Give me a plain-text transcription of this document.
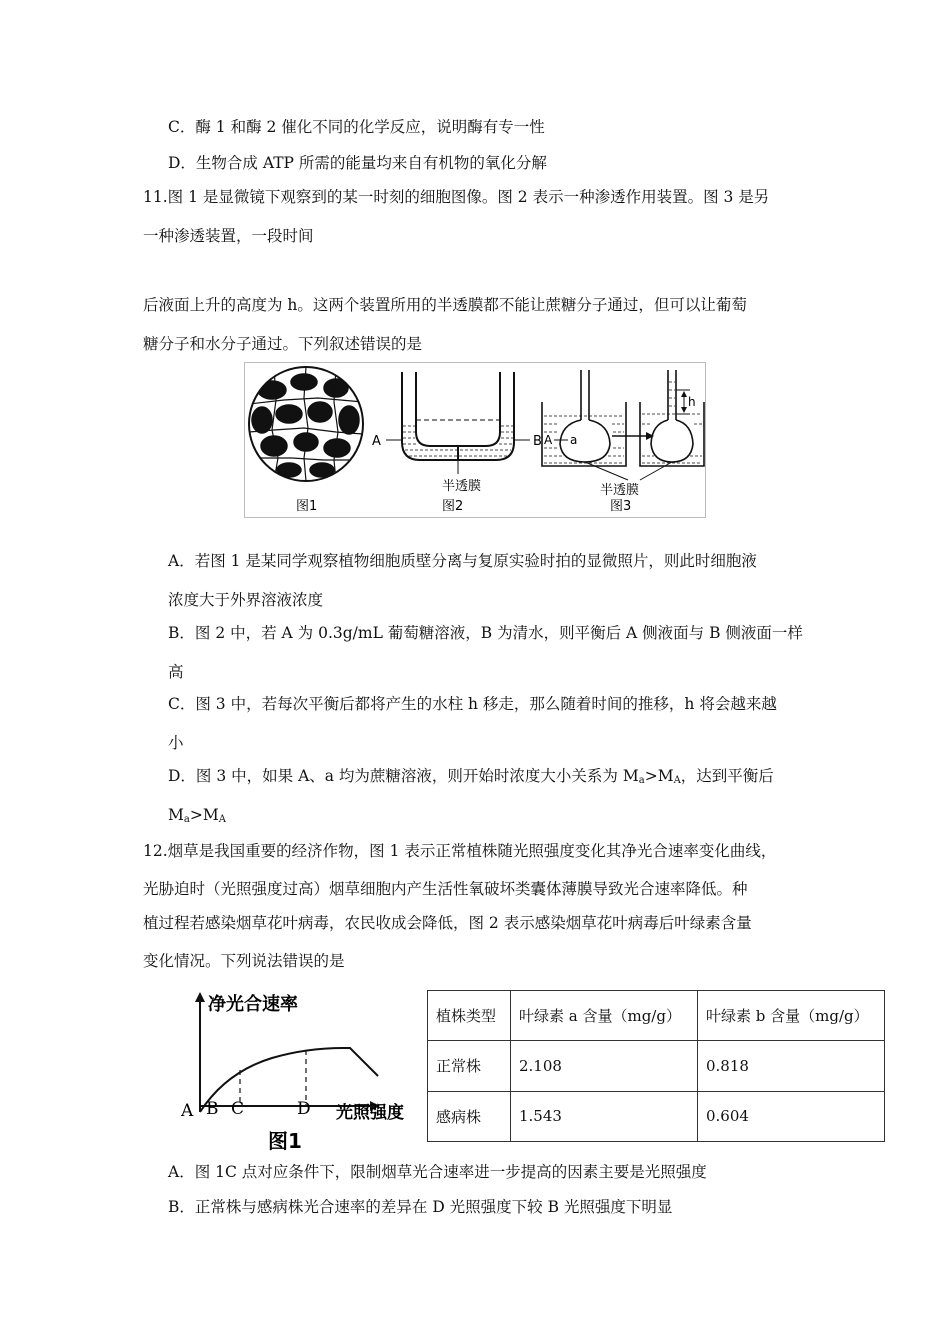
C．酶 1 和酶 2 催化不同的化学反应，说明酶有专一性
D．生物合成 ATP 所需的能量均来自有机物的氧化分解
11.图 1 是显微镜下观察到的某一时刻的细胞图像。图 2 表示一种渗透作用装置。图 3 是另
一种渗透装置，一段时间
后液面上升的高度为 h。这两个装置所用的半透膜都不能让蔗糖分子通过，但可以让葡萄
糖分子和水分子通过。下列叙述错误的是
图1
A	B
半透膜
图2
A a
h
半透膜
图3
A．若图 1 是某同学观察植物细胞质壁分离与复原实验时拍的显微照片，则此时细胞液
浓度大于外界溶液浓度
B．图 2 中，若 A 为 0.3g/mL 葡萄糖溶液，B 为清水，则平衡后 A 侧液面与 B 侧液面一样
高
C．图 3 中，若每次平衡后都将产生的水柱 h 移走，那么随着时间的推移，h 将会越来越
小
D．图 3 中，如果 A、a 均为蔗糖溶液，则开始时浓度大小关系为 $M_a>M_A$，达到平衡后
$M_a>M_A$
12.烟草是我国重要的经济作物，图 1 表示正常植株随光照强度变化其净光合速率变化曲线，
光胁迫时（光照强度过高）烟草细胞内产生活性氧破坏类囊体薄膜导致光合速率降低。种
植过程若感染烟草花叶病毒，农民收成会降低，图 2 表示感染烟草花叶病毒后叶绿素含量
变化情况。下列说法错误的是
净光合速率
A B C	D 光照强度
图1
植株类型	叶绿素 a 含量（mg/g）	叶绿素 b 含量（mg/g）
正常株	2.108	0.818
感病株	1.543	0.604
A．图 1C 点对应条件下，限制烟草光合速率进一步提高的因素主要是光照强度
B．正常株与感病株光合速率的差异在 D 光照强度下较 B 光照强度下明显
